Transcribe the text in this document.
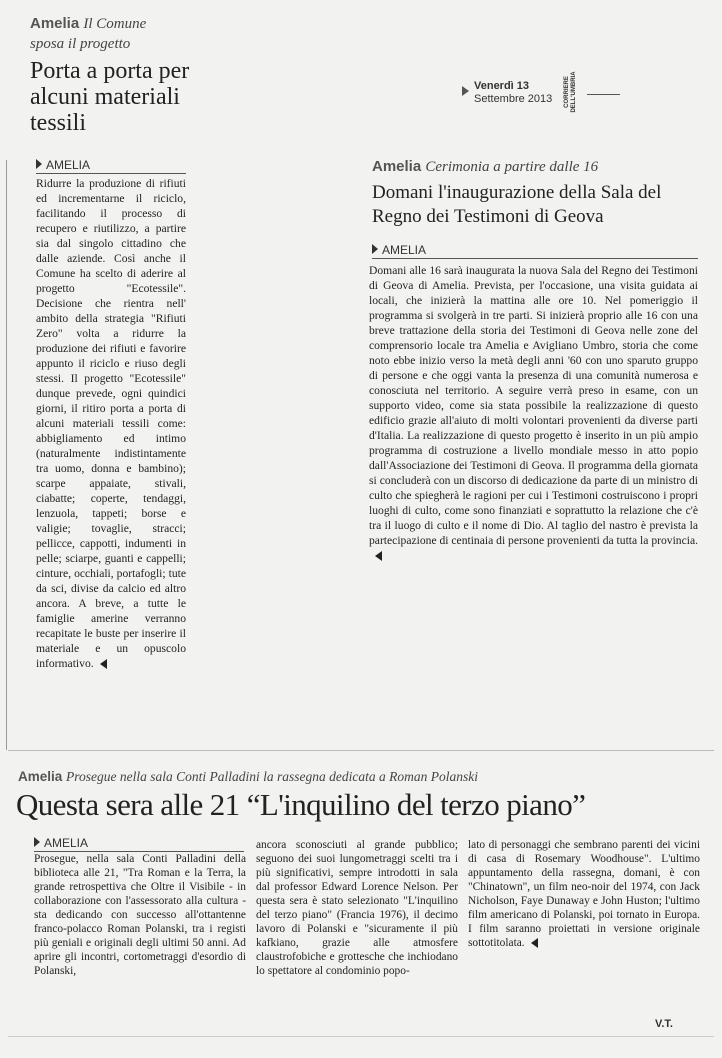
Amelia Il Comune sposa il progetto
Porta a porta per alcuni materiali tessili
AMELIA
Ridurre la produzione di rifiuti ed incrementarne il riciclo, facilitando il processo di recupero e riutilizzo, a partire sia dal singolo cittadino che dalle aziende. Così anche il Comune ha scelto di aderire al progetto "Ecotessile". Decisione che rientra nell' ambito della strategia "Rifiuti Zero" volta a ridurre la produzione dei rifiuti e favorire appunto il riciclo e riuso degli stessi. Il progetto "Ecotessile" dunque prevede, ogni quindici giorni, il ritiro porta a porta di alcuni materiali tessili come: abbigliamento ed intimo (naturalmente indistintamente tra uomo, donna e bambino); scarpe appaiate, stivali, ciabatte; coperte, tendaggi, lenzuola, tappeti; borse e valigie; tovaglie, stracci; pellicce, cappotti, indumenti in pelle; sciarpe, guanti e cappelli; cinture, occhiali, portafogli; tute da sci, divise da calcio ed altro ancora. A breve, a tutte le famiglie amerine verranno recapitate le buste per inserire il materiale e un opuscolo informativo.
Venerdì 13
Settembre 2013 CORRIERE DELL'UMBRIA
Amelia Cerimonia a partire dalle 16
Domani l'inaugurazione della Sala del Regno dei Testimoni di Geova
AMELIA
Domani alle 16 sarà inaugurata la nuova Sala del Regno dei Testimoni di Geova di Amelia. Prevista, per l'occasione, una visita guidata ai locali, che inizierà la mattina alle ore 10. Nel pomeriggio il programma si svolgerà in tre parti. Si inizierà proprio alle 16 con una breve trattazione della storia dei Testimoni di Geova nelle zone del comprensorio locale tra Amelia e Avigliano Umbro, storia che come noto ebbe inizio verso la metà degli anni '60 con uno sparuto gruppo di persone e che oggi vanta la presenza di una comunità numerosa e conosciuta nel territorio. A seguire verrà preso in esame, con un supporto video, come sia stata possibile la realizzazione di questo edificio grazie all'aiuto di molti volontari provenienti da diverse parti d'Italia. La realizzazione di questo progetto è inserito in un più ampio programma di costruzione a livello mondiale messo in atto popio dall'Associazione dei Testimoni di Geova. Il programma della giornata si concluderà con un discorso di dedicazione da parte di un ministro di culto che spiegherà le ragioni per cui i Testimoni costruiscono i propri luoghi di culto, come sono finanziati e soprattutto la relazione che c'è tra il luogo di culto e il nome di Dio. Al taglio del nastro è prevista la partecipazione di centinaia di persone provenienti da tutta la provincia.
Amelia Prosegue nella sala Conti Palladini la rassegna dedicata a Roman Polanski
Questa sera alle 21 “L'inquilino del terzo piano”
AMELIA
Prosegue, nella sala Conti Palladini della biblioteca alle 21, "Tra Roman e la Terra, la grande retrospettiva che Oltre il Visibile - in collaborazione con l'assessorato alla cultura - sta dedicando con successo all'ottantenne franco-polacco Roman Polanski, tra i registi più geniali e originali degli ultimi 50 anni. Ad aprire gli incontri, cortometraggi d'esordio di Polanski,
ancora sconosciuti al grande pubblico; seguono dei suoi lungometraggi scelti tra i più significativi, sempre introdotti in sala dal professor Edward Lorence Nelson. Per questa sera è stato selezionato "L'inquilino del terzo piano" (Francia 1976), il decimo lavoro di Polanski e "sicuramente il più kafkiano, grazie alle atmosfere claustrofobiche e grottesche che inchiodano lo spettatore al condominio popo-
lato di personaggi che sembrano parenti dei vicini di casa di Rosemary Woodhouse". L'ultimo appuntamento della rassegna, domani, è con "Chinatown", un film neo-noir del 1974, con Jack Nicholson, Faye Dunaway e John Huston; l'ultimo film americano di Polanski, poi tornato in Europa. I film saranno proiettati in versione originale sottotitolata.
V.T.
